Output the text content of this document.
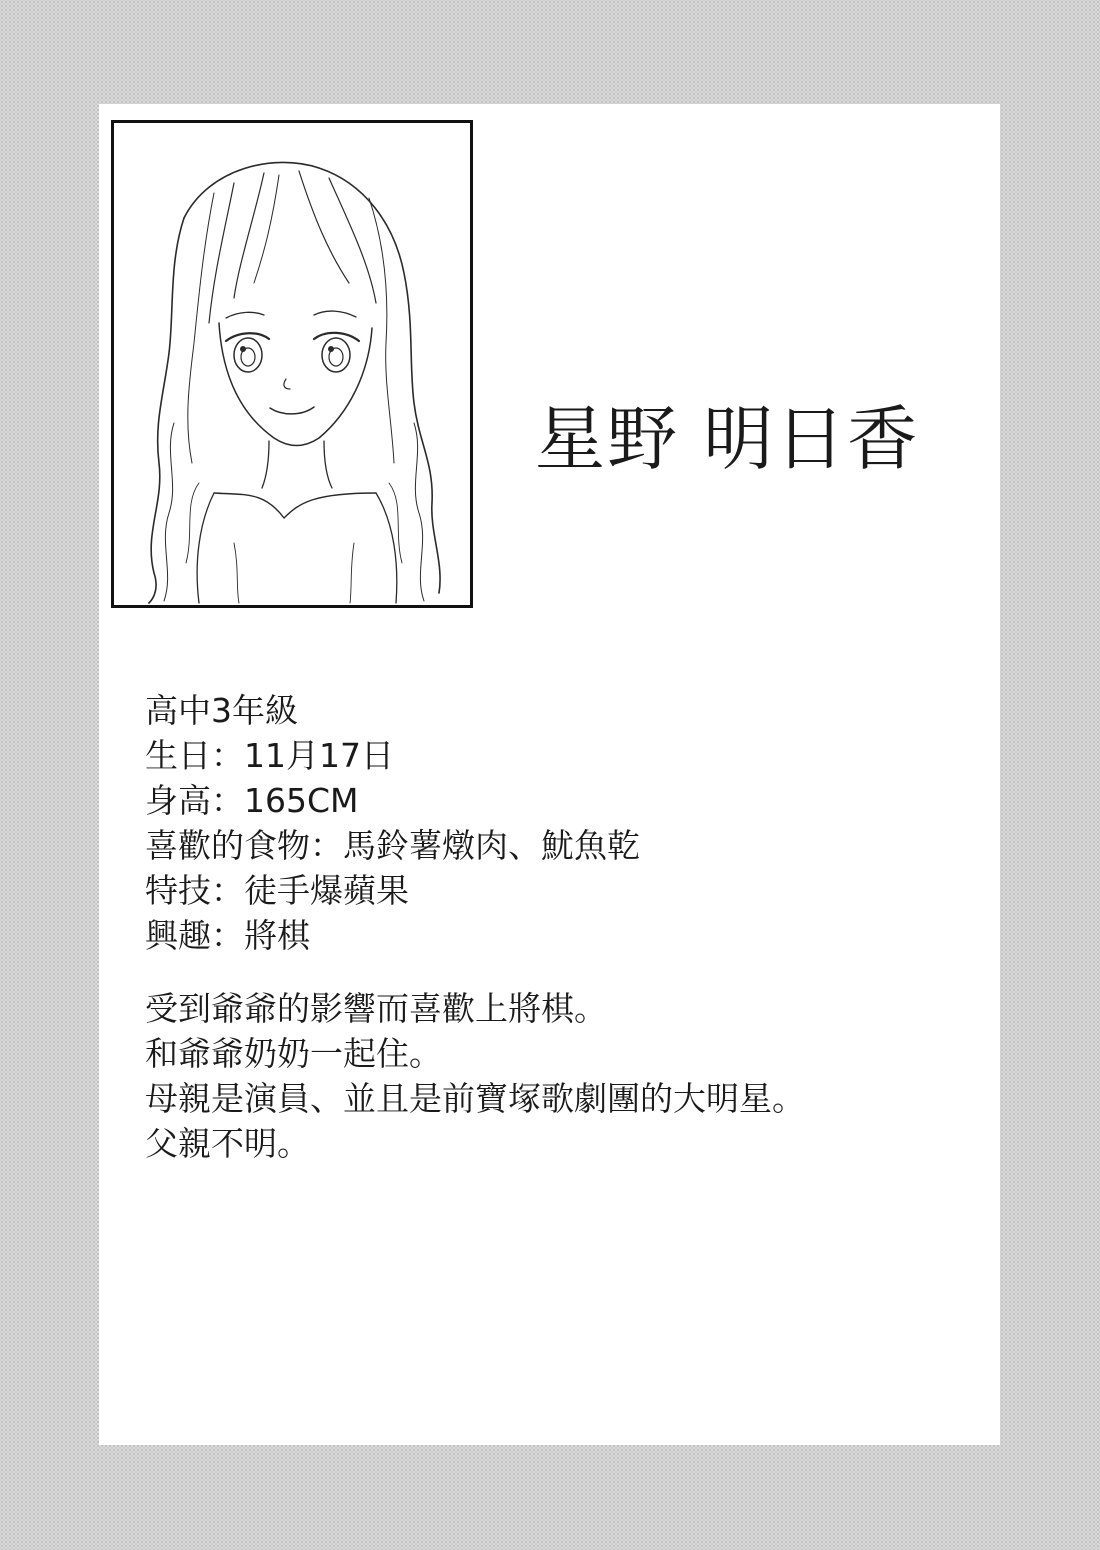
星野 明日香
高中3年級
生日：11月17日
身高：165CM
喜歡的食物：馬鈴薯燉肉、魷魚乾
特技：徒手爆蘋果
興趣：將棋
受到爺爺的影響而喜歡上將棋。
和爺爺奶奶一起住。
母親是演員、並且是前寶塚歌劇團的大明星。
父親不明。
